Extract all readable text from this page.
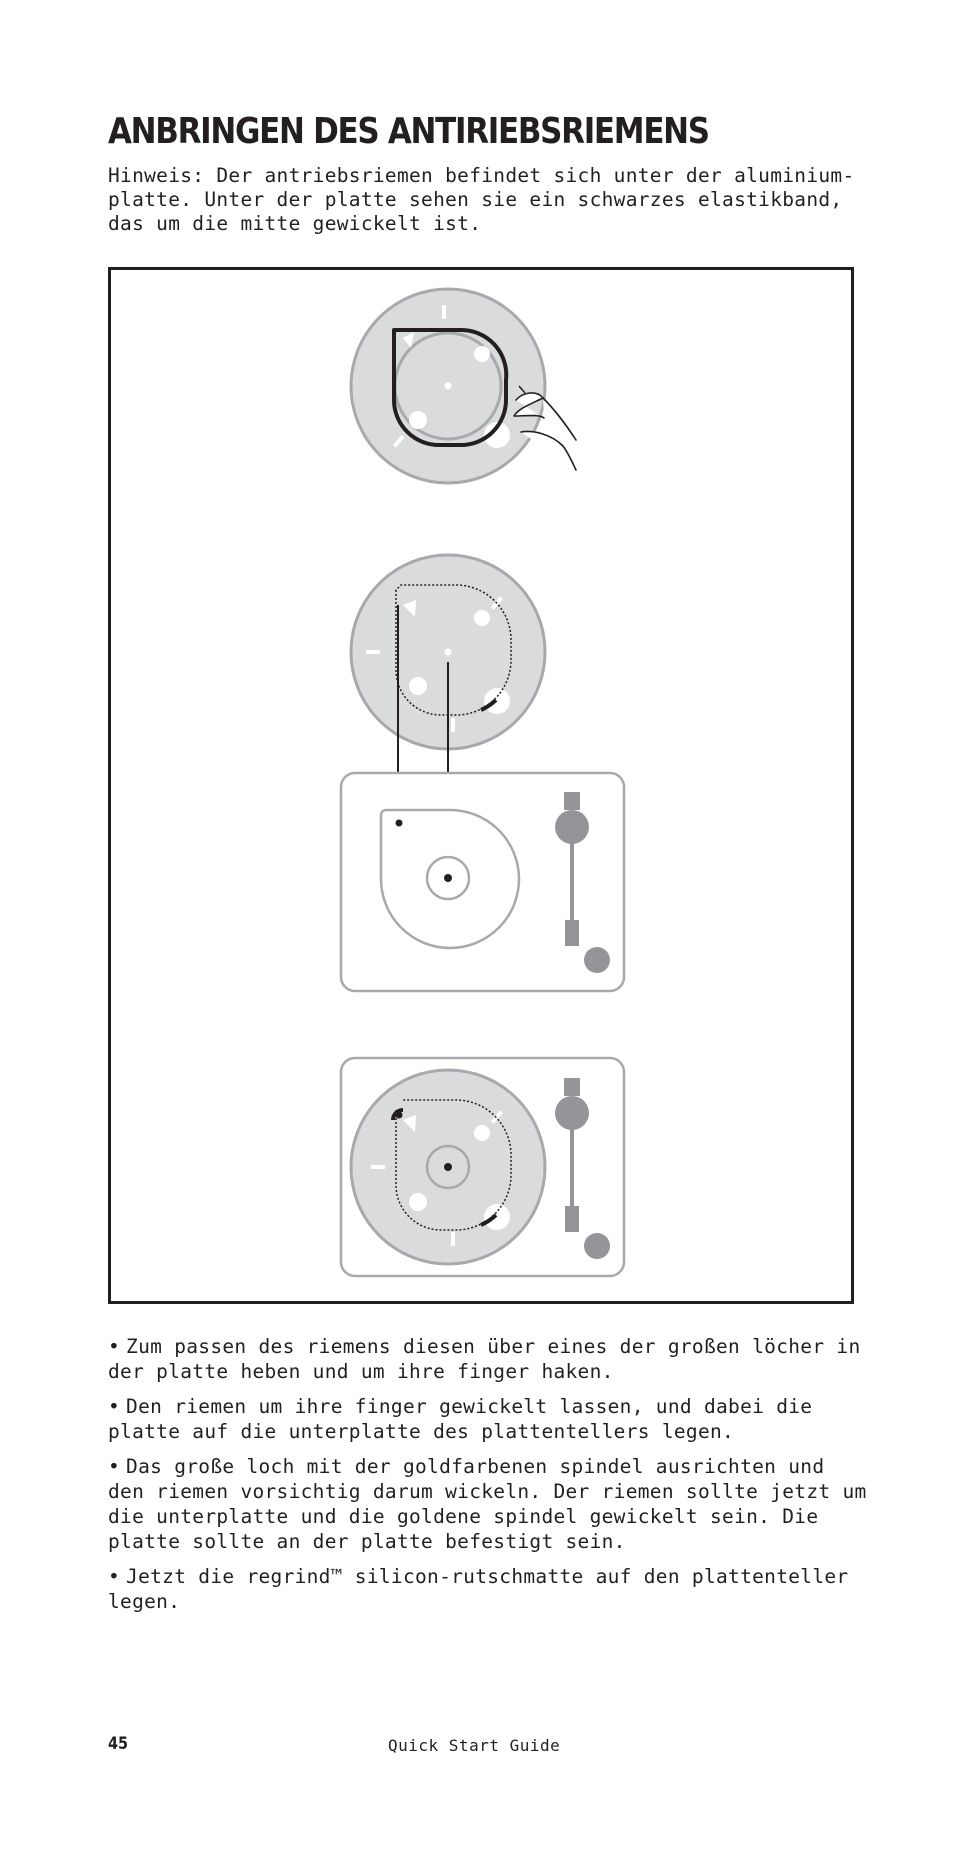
ANBRINGEN DES ANTIRIEBSRIEMENS

Hinweis: Der antriebsriemen befindet sich unter der aluminium-platte. Unter der platte sehen sie ein schwarzes elastikband, das um die mitte gewickelt ist.

• Zum passen des riemens diesen über eines der großen löcher in der platte heben und um ihre finger haken.
• Den riemen um ihre finger gewickelt lassen, und dabei die platte auf die unterplatte des plattentellers legen.
• Das große loch mit der goldfarbenen spindel ausrichten und den riemen vorsichtig darum wickeln. Der riemen sollte jetzt um die unterplatte und die goldene spindel gewickelt sein. Die platte sollte an der platte befestigt sein.
• Jetzt die regrind™ silicon-rutschmatte auf den plattenteller legen.
45	Quick Start Guide
